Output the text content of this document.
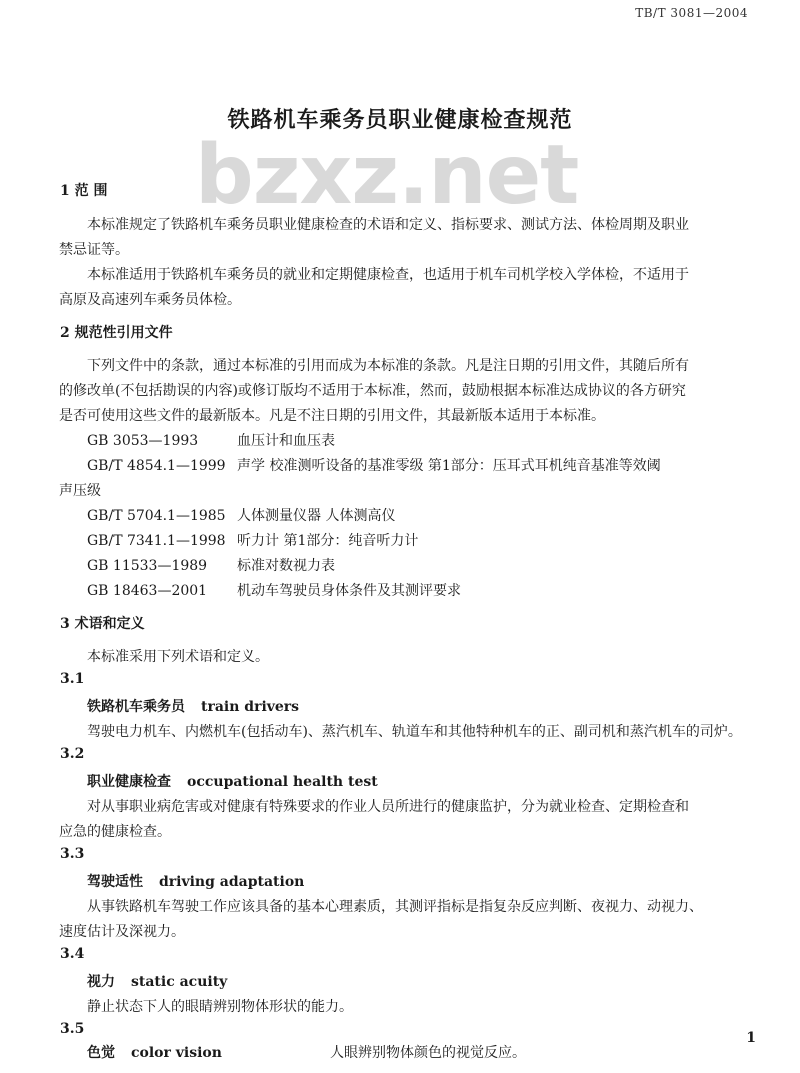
TB/T 3081—2004
bzxz.net
铁路机车乘务员职业健康检查规范
1 范 围
本标准规定了铁路机车乘务员职业健康检查的术语和定义、指标要求、测试方法、体检周期及职业
禁忌证等。
本标准适用于铁路机车乘务员的就业和定期健康检查，也适用于机车司机学校入学体检，不适用于
高原及高速列车乘务员体检。
2 规范性引用文件
下列文件中的条款，通过本标准的引用而成为本标准的条款。凡是注日期的引用文件，其随后所有
的修改单(不包括勘误的内容)或修订版均不适用于本标准，然而，鼓励根据本标准达成协议的各方研究
是否可使用这些文件的最新版本。凡是不注日期的引用文件，其最新版本适用于本标准。
GB 3053—1993	血压计和血压表
GB/T 4854.1—1999 声学 校准测听设备的基准零级 第1部分：压耳式耳机纯音基准等效阈
声压级
GB/T 5704.1—1985 人体测量仪器 人体测高仪
GB/T 7341.1—1998 听力计 第1部分：纯音听力计
GB 11533—1989 标准对数视力表
GB 18463—2001 机动车驾驶员身体条件及其测评要求
3 术语和定义
本标准采用下列术语和定义。
3.1
铁路机车乘务员 train drivers
驾驶电力机车、内燃机车(包括动车)、蒸汽机车、轨道车和其他特种机车的正、副司机和蒸汽机车的司炉。
3.2
职业健康检查 occupational health test
对从事职业病危害或对健康有特殊要求的作业人员所进行的健康监护，分为就业检查、定期检查和
应急的健康检查。
3.3
驾驶适性 driving adaptation
从事铁路机车驾驶工作应该具备的基本心理素质，其测评指标是指复杂反应判断、夜视力、动视力、
速度估计及深视力。
3.4
视力 static acuity
静止状态下人的眼睛辨别物体形状的能力。
3.5
色觉 color vision	人眼辨别物体颜色的视觉反应。
1
